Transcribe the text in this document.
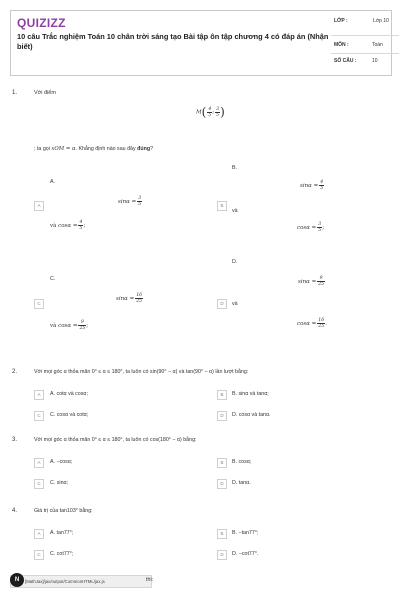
QUIZIZZ
10 câu Trắc nghiệm Toán 10 chân trời sáng tạo Bài tập ôn tập chương 4 có đáp án (Nhận biết)
LỚP :	Lớp 10
MÔN :	Toán
SỐ CÂU :	10
1.	Với điểm
$M( \frac{4}{5}$ ; $\frac{3}{5}$ )
; ta gọi xOM = α. Khẳng định nào sau đây đúng?
A.
A
$\sin\alpha = \frac{3}{5}$
và $\cos\alpha = \frac{4}{5}$ ;
B.
B
$\sin\alpha = \frac{4}{5}$
và
$\cos\alpha = \frac{3}{5}$ ;
C.
C
$\sin\alpha = \frac{16}{25}$
và $\cos\alpha = \frac{9}{25}$ ;
D.
D	và
$\sin\alpha = \frac{9}{25}$
$\cos\alpha = \frac{16}{25}$ .
2.	Với mọi góc α thỏa mãn 0° ≤ α ≤ 180°, ta luôn có sin(90° − α) và tan(90° − α) lần lượt bằng:
A	A. cotα và cosα;	B	B. sinα và tanα;
C	C. cosα và cotα;	D	D. cosα và tanα.
3.	Với mọi góc α thỏa mãn 0° ≤ α ≤ 180°, ta luôn có cos(180° − α) bằng:
A	A. −cosα;	B	B. cosα;
C	C. sinα;	D	D. tanα.
4.	Giá trị của tan103° bằng:
A	A. tan77°;	B	B. −tan77°;
C	C. cot77°;	D	D. −cot77°.
[MathJax]/jax/output/CommonHTML/jax.js
N	thì:
